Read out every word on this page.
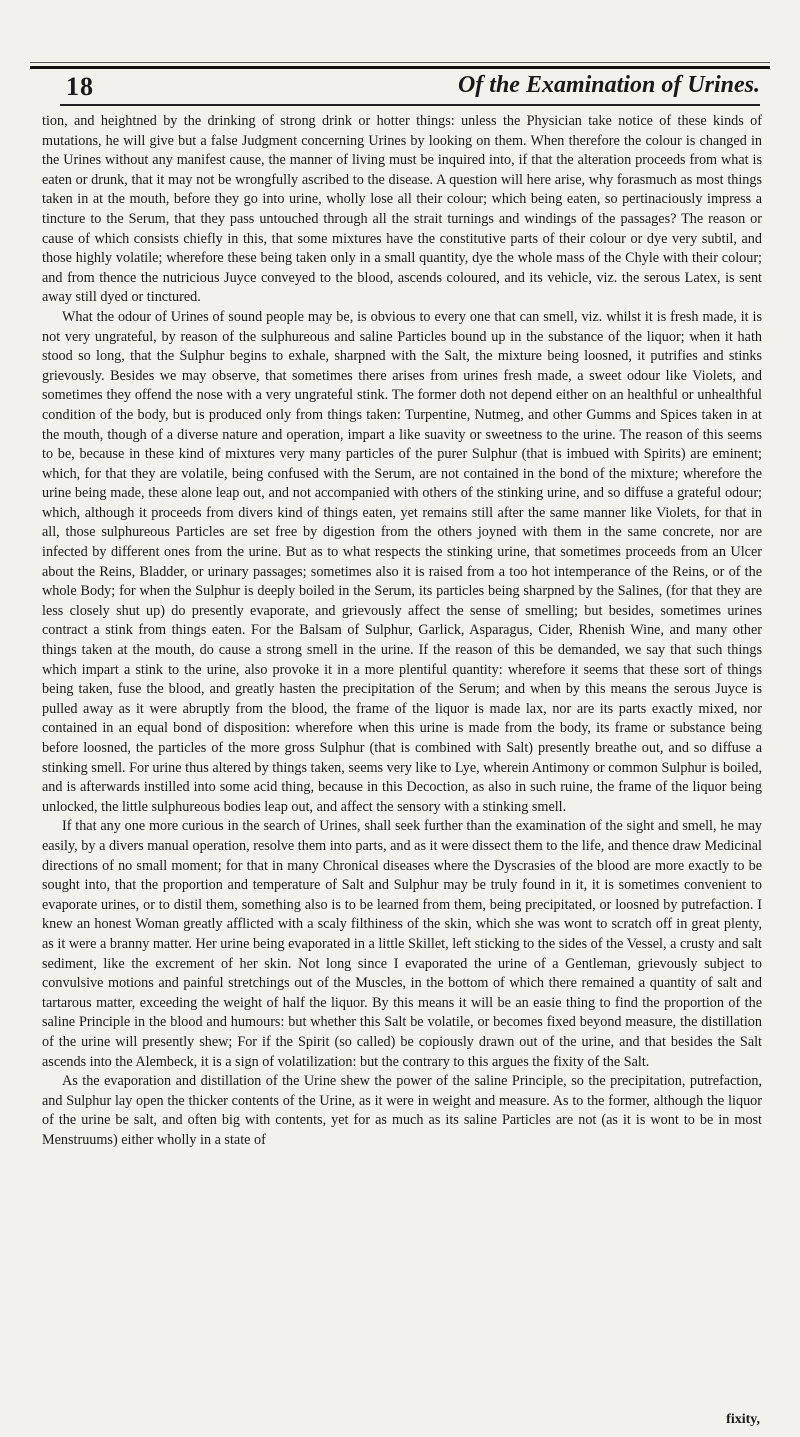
18	Of the Examination of Urines.

tion, and heightned by the drinking of strong drink or hotter things: unless the Physician take notice of these kinds of mutations, he will give but a false Judgment concerning Urines by looking on them. When therefore the colour is changed in the Urines without any manifest cause, the manner of living must be inquired into, if that the alteration proceeds from what is eaten or drunk, that it may not be wrongfully ascribed to the disease. A question will here arise, why forasmuch as most things taken in at the mouth, before they go into urine, wholly lose all their colour; which being eaten, so pertinaciously impress a tincture to the Serum, that they pass untouched through all the strait turnings and windings of the passages? The reason or cause of which consists chiefly in this, that some mixtures have the constitutive parts of their colour or dye very subtil, and those highly volatile; wherefore these being taken only in a small quantity, dye the whole mass of the Chyle with their colour; and from thence the nutricious Juyce conveyed to the blood, ascends coloured, and its vehicle, viz. the serous Latex, is sent away still dyed or tinctured.

What the odour of Urines of sound people may be, is obvious to every one that can smell, viz. whilst it is fresh made, it is not very ungrateful, by reason of the sulphureous and saline Particles bound up in the substance of the liquor; when it hath stood so long, that the Sulphur begins to exhale, sharpned with the Salt, the mixture being loosned, it putrifies and stinks grievously. Besides we may observe, that sometimes there arises from urines fresh made, a sweet odour like Violets, and sometimes they offend the nose with a very ungrateful stink. The former doth not depend either on an healthful or unhealthful condition of the body, but is produced only from things taken: Turpentine, Nutmeg, and other Gumms and Spices taken in at the mouth, though of a diverse nature and operation, impart a like suavity or sweetness to the urine. The reason of this seems to be, because in these kind of mixtures very many particles of the purer Sulphur (that is imbued with Spirits) are eminent; which, for that they are volatile, being confused with the Serum, are not contained in the bond of the mixture; wherefore the urine being made, these alone leap out, and not accompanied with others of the stinking urine, and so diffuse a grateful odour; which, although it proceeds from divers kind of things eaten, yet remains still after the same manner like Violets, for that in all, those sulphureous Particles are set free by digestion from the others joyned with them in the same concrete, nor are infected by different ones from the urine. But as to what respects the stinking urine, that sometimes proceeds from an Ulcer about the Reins, Bladder, or urinary passages; sometimes also it is raised from a too hot intemperance of the Reins, or of the whole Body; for when the Sulphur is deeply boiled in the Serum, its particles being sharpned by the Salines, (for that they are less closely shut up) do presently evaporate, and grievously affect the sense of smelling; but besides, sometimes urines contract a stink from things eaten. For the Balsam of Sulphur, Garlick, Asparagus, Cider, Rhenish Wine, and many other things taken at the mouth, do cause a strong smell in the urine. If the reason of this be demanded, we say that such things which impart a stink to the urine, also provoke it in a more plentiful quantity: wherefore it seems that these sort of things being taken, fuse the blood, and greatly hasten the precipitation of the Serum; and when by this means the serous Juyce is pulled away as it were abruptly from the blood, the frame of the liquor is made lax, nor are its parts exactly mixed, nor contained in an equal bond of disposition: wherefore when this urine is made from the body, its frame or substance being before loosned, the particles of the more gross Sulphur (that is combined with Salt) presently breathe out, and so diffuse a stinking smell. For urine thus altered by things taken, seems very like to Lye, wherein Antimony or common Sulphur is boiled, and is afterwards instilled into some acid thing, because in this Decoction, as also in such ruine, the frame of the liquor being unlocked, the little sulphureous bodies leap out, and affect the sensory with a stinking smell.

If that any one more curious in the search of Urines, shall seek further than the examination of the sight and smell, he may easily, by a divers manual operation, resolve them into parts, and as it were dissect them to the life, and thence draw Medicinal directions of no small moment; for that in many Chronical diseases where the Dyscrasies of the blood are more exactly to be sought into, that the proportion and temperature of Salt and Sulphur may be truly found in it, it is sometimes convenient to evaporate urines, or to distil them, something also is to be learned from them, being precipitated, or loosned by putrefaction. I knew an honest Woman greatly afflicted with a scaly filthiness of the skin, which she was wont to scratch off in great plenty, as it were a branny matter. Her urine being evaporated in a little Skillet, left sticking to the sides of the Vessel, a crusty and salt sediment, like the excrement of her skin. Not long since I evaporated the urine of a Gentleman, grievously subject to convulsive motions and painful stretchings out of the Muscles, in the bottom of which there remained a quantity of salt and tartarous matter, exceeding the weight of half the liquor. By this means it will be an easie thing to find the proportion of the saline Principle in the blood and humours: but whether this Salt be volatile, or becomes fixed beyond measure, the distillation of the urine will presently shew; For if the Spirit (so called) be copiously drawn out of the urine, and that besides the Salt ascends into the Alembeck, it is a sign of volatilization: but the contrary to this argues the fixity of the Salt.

As the evaporation and distillation of the Urine shew the power of the saline Principle, so the precipitation, putrefaction, and Sulphur lay open the thicker contents of the Urine, as it were in weight and measure. As to the former, although the liquor of the urine be salt, and often big with contents, yet for as much as its saline Particles are not (as it is wont to be in most Menstruums) either wholly in a state of

fixity,
